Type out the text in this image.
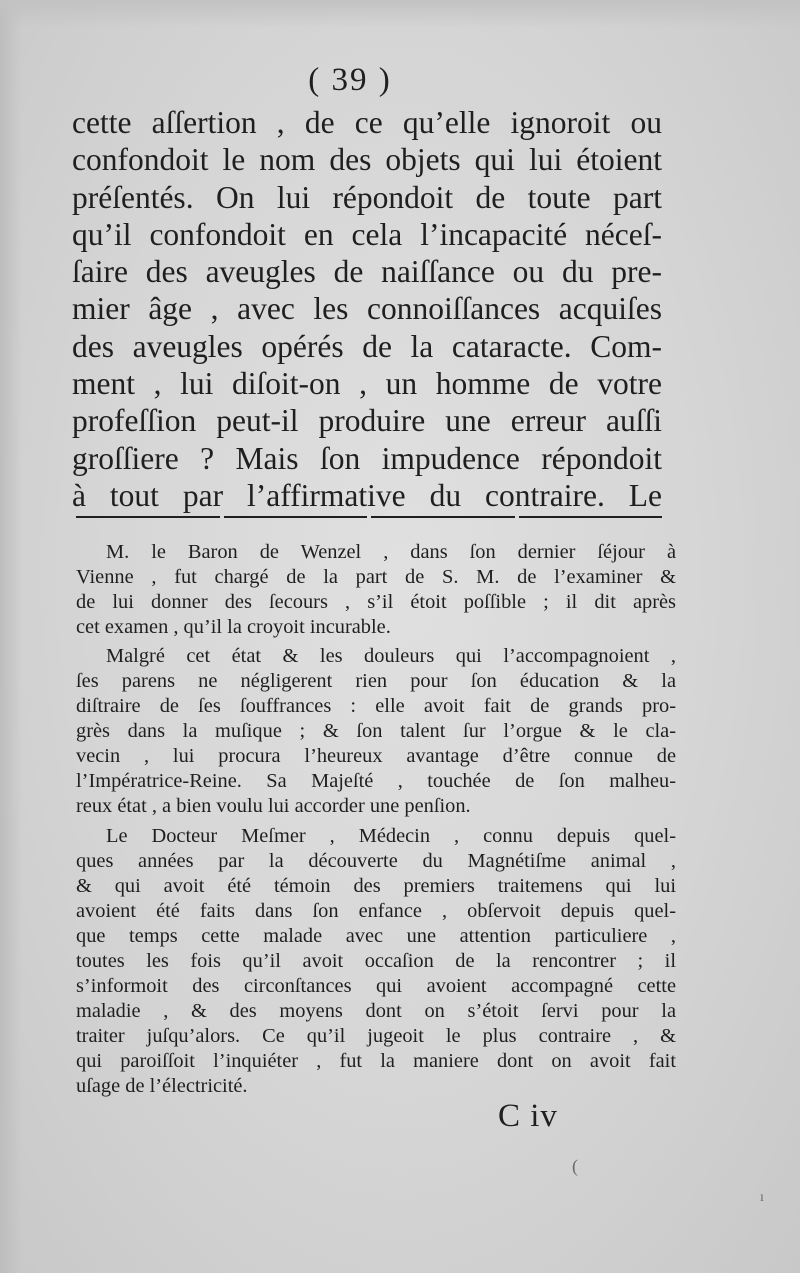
( 39 )
cette aſſertion , de ce qu’elle ignoroit ou
confondoit le nom des objets qui lui étoient
préſentés. On lui répondoit de toute part
qu’il confondoit en cela l’incapacité néceſ-
ſaire des aveugles de naiſſance ou du pre-
mier âge , avec les connoiſſances acquiſes
des aveugles opérés de la cataracte. Com-
ment , lui diſoit-on , un homme de votre
profeſſion peut-il produire une erreur auſſi
groſſiere ? Mais ſon impudence répondoit
à tout par l’affirmative du contraire. Le
M. le Baron de Wenzel , dans ſon dernier ſéjour à
Vienne , fut chargé de la part de S. M. de l’examiner &
de lui donner des ſecours , s’il étoit poſſible ; il dit après
cet examen , qu’il la croyoit incurable.
Malgré cet état & les douleurs qui l’accompagnoient ,
ſes parens ne négligerent rien pour ſon éducation & la
diſtraire de ſes ſouffrances : elle avoit fait de grands pro-
grès dans la muſique ; & ſon talent ſur l’orgue & le cla-
vecin , lui procura l’heureux avantage d’être connue de
l’Impératrice-Reine. Sa Majeſté , touchée de ſon malheu-
reux état , a bien voulu lui accorder une penſion.
Le Docteur Meſmer , Médecin , connu depuis quel-
ques années par la découverte du Magnétiſme animal ,
& qui avoit été témoin des premiers traitemens qui lui
avoient été faits dans ſon enfance , obſervoit depuis quel-
que temps cette malade avec une attention particuliere ,
toutes les fois qu’il avoit occaſion de la rencontrer ; il
s’informoit des circonſtances qui avoient accompagné cette
maladie , & des moyens dont on s’étoit ſervi pour la
traiter juſqu’alors. Ce qu’il jugeoit le plus contraire , &
qui paroiſſoit l’inquiéter , fut la maniere dont on avoit fait
uſage de l’électricité.
C iv
(
ı
